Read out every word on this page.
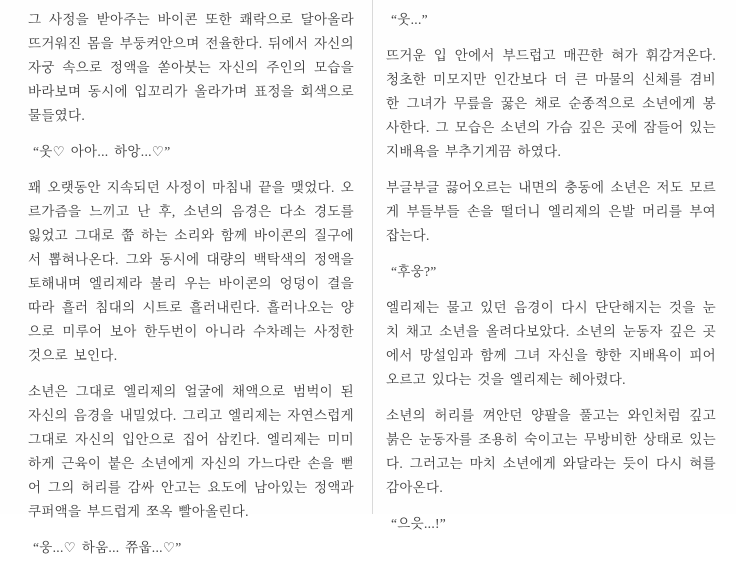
그 사정을 받아주는 바이콘 또한 쾌락으로 달아올라 뜨거워진 몸을 부둥켜안으며 전율한다. 뒤에서 자신의 자궁 속으로 정액을 쏟아붓는 자신의 주인의 모습을 바라보며 동시에 입꼬리가 올라가며 표정을 회색으로 물들였다.

“웃♡ 아아... 하앙...♡”

꽤 오랫동안 지속되던 사정이 마침내 끝을 맺었다. 오르가즘을 느끼고 난 후, 소년의 음경은 다소 경도를 잃었고 그대로 쭙 하는 소리와 함께 바이콘의 질구에서 뽑혀나온다. 그와 동시에 대량의 백탁색의 정액을 토해내며 엘리제라 불리 우는 바이콘의 엉덩이 결을 따라 흘러 침대의 시트로 흘러내린다. 흘러나오는 양으로 미루어 보아 한두번이 아니라 수차례는 사정한 것으로 보인다.

소년은 그대로 엘리제의 얼굴에 채액으로 범벅이 된 자신의 음경을 내밀었다. 그리고 엘리제는 자연스럽게 그대로 자신의 입안으로 집어 삼킨다. 엘리제는 미미하게 근육이 붙은 소년에게 자신의 가느다란 손을 뻗어 그의 허리를 감싸 안고는 요도에 남아있는 정액과 쿠퍼액을 부드럽게 쪼옥 빨아올린다.

“웅...♡ 하움... 쮸웁...♡”

“웃...”

뜨거운 입 안에서 부드럽고 매끈한 혀가 휘감겨온다. 청초한 미모지만 인간보다 더 큰 마물의 신체를 겸비한 그녀가 무릎을 꿇은 채로 순종적으로 소년에게 봉사한다. 그 모습은 소년의 가슴 깊은 곳에 잠들어 있는 지배욕을 부추기게끔 하였다.

부글부글 끓어오르는 내면의 충동에 소년은 저도 모르게 부들부들 손을 떨더니 엘리제의 은발 머리를 부여잡는다.

“후웅?”

엘리제는 물고 있던 음경이 다시 단단해지는 것을 눈치 채고 소년을 올려다보았다. 소년의 눈동자 깊은 곳에서 망설임과 함께 그녀 자신을 향한 지배욕이 피어오르고 있다는 것을 엘리제는 헤아렸다.

소년의 허리를 껴안던 양팔을 풀고는 와인처럼 깊고 붉은 눈동자를 조용히 숙이고는 무방비한 상태로 있는다. 그러고는 마치 소년에게 와달라는 듯이 다시 혀를 감아온다.

“으읏...!”
